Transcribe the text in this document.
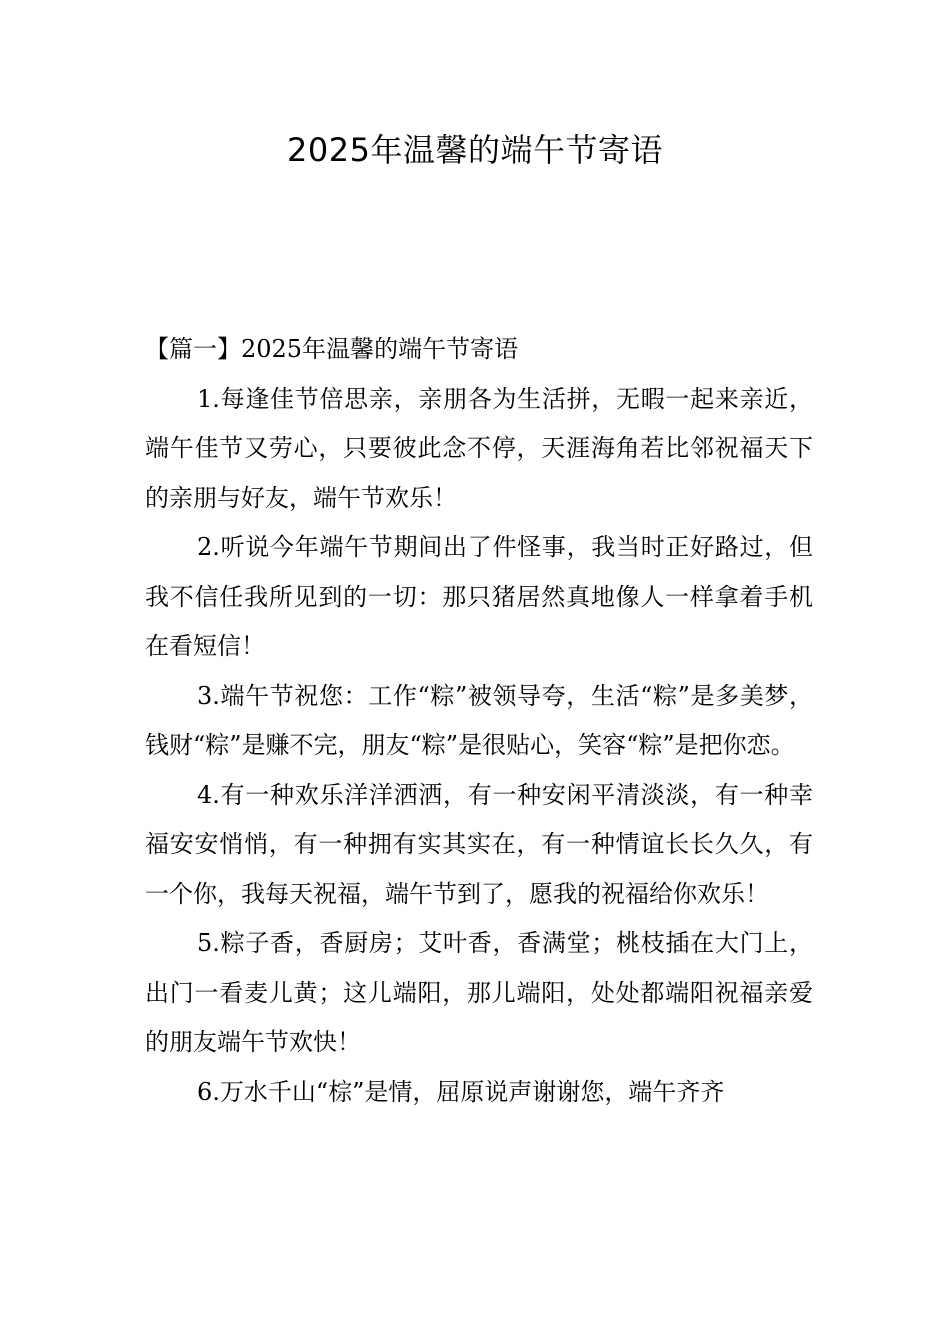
2025年温馨的端午节寄语

【篇一】2025年温馨的端午节寄语

1.每逢佳节倍思亲，亲朋各为生活拼，无暇一起来亲近，端午佳节又劳心，只要彼此念不停，天涯海角若比邻祝福天下的亲朋与好友，端午节欢乐！

2.听说今年端午节期间出了件怪事，我当时正好路过，但我不信任我所见到的一切：那只猪居然真地像人一样拿着手机在看短信！

3.端午节祝您：工作“粽”被领导夸，生活“粽”是多美梦，钱财“粽”是赚不完，朋友“粽”是很贴心，笑容“粽”是把你恋。

4.有一种欢乐洋洋洒洒，有一种安闲平清淡淡，有一种幸福安安悄悄，有一种拥有实其实在，有一种情谊长长久久，有一个你，我每天祝福，端午节到了，愿我的祝福给你欢乐！

5.粽子香，香厨房；艾叶香，香满堂；桃枝插在大门上，出门一看麦儿黄；这儿端阳，那儿端阳，处处都端阳祝福亲爱的朋友端午节欢快！

6.万水千山“棕”是情，屈原说声谢谢您，端午齐齐
